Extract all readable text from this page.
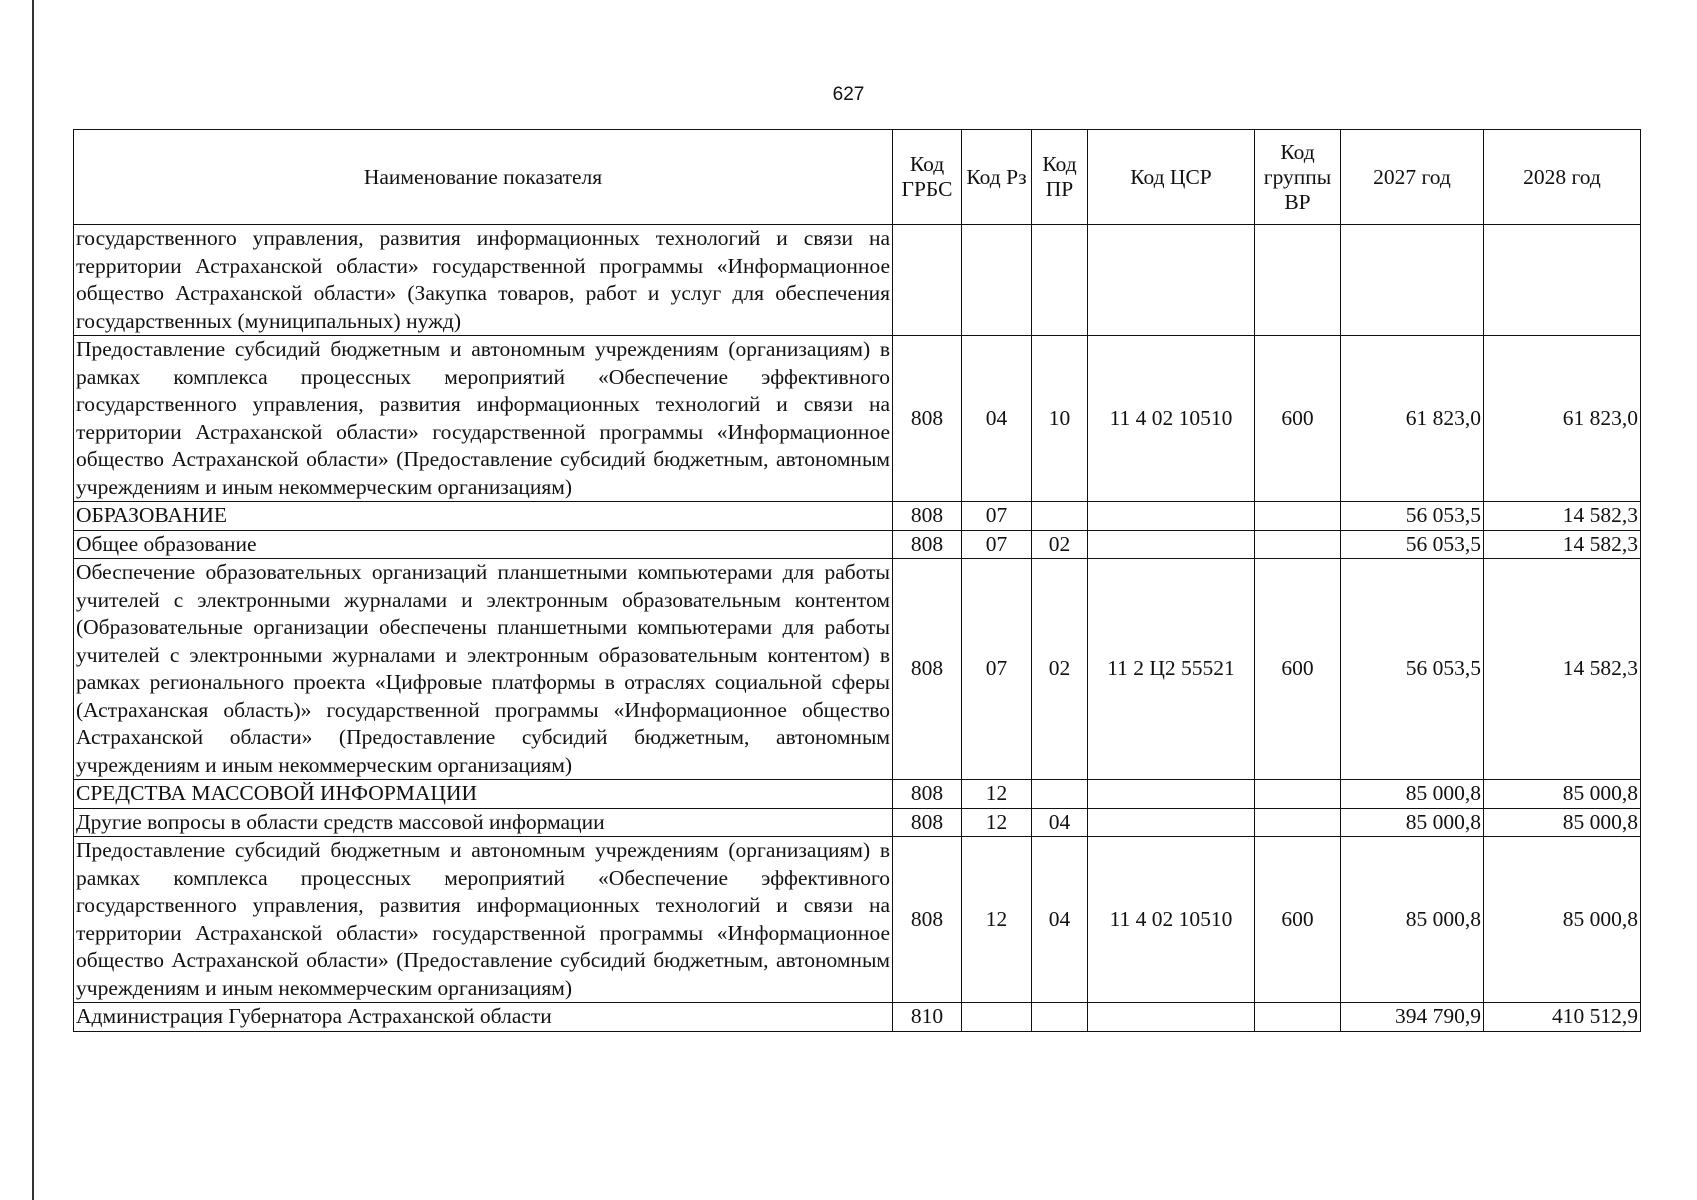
627
Наименование показателя	Код ГРБС	Код Рз	Код ПР	Код ЦСР	Код группы ВР	2027 год	2028 год
государственного управления, развития информационных технологий и связи на территории Астраханской области» государственной программы «Информационное общество Астраханской области» (Закупка товаров, работ и услуг для обеспечения государственных (муниципальных) нужд)							
Предоставление субсидий бюджетным и автономным учреждениям (организациям) в рамках комплекса процессных мероприятий «Обеспечение эффективного государственного управления, развития информационных технологий и связи на территории Астраханской области» государственной программы «Информационное общество Астраханской области» (Предоставление субсидий бюджетным, автономным учреждениям и иным некоммерческим организациям)	808	04	10	11 4 02 10510	600	61 823,0	61 823,0
ОБРАЗОВАНИЕ	808	07				56 053,5	14 582,3
Общее образование	808	07	02			56 053,5	14 582,3
Обеспечение образовательных организаций планшетными компьютерами для работы учителей с электронными журналами и электронным образовательным контентом (Образовательные организации обеспечены планшетными компьютерами для работы учителей с электронными журналами и электронным образовательным контентом) в рамках регионального проекта «Цифровые платформы в отраслях социальной сферы (Астраханская область)» государственной программы «Информационное общество Астраханской области» (Предоставление субсидий бюджетным, автономным учреждениям и иным некоммерческим организациям)	808	07	02	11 2 Ц2 55521	600	56 053,5	14 582,3
СРЕДСТВА МАССОВОЙ ИНФОРМАЦИИ	808	12				85 000,8	85 000,8
Другие вопросы в области средств массовой информации	808	12	04			85 000,8	85 000,8
Предоставление субсидий бюджетным и автономным учреждениям (организациям) в рамках комплекса процессных мероприятий «Обеспечение эффективного государственного управления, развития информационных технологий и связи на территории Астраханской области» государственной программы «Информационное общество Астраханской области» (Предоставление субсидий бюджетным, автономным учреждениям и иным некоммерческим организациям)	808	12	04	11 4 02 10510	600	85 000,8	85 000,8
Администрация Губернатора Астраханской области	810					394 790,9	410 512,9
